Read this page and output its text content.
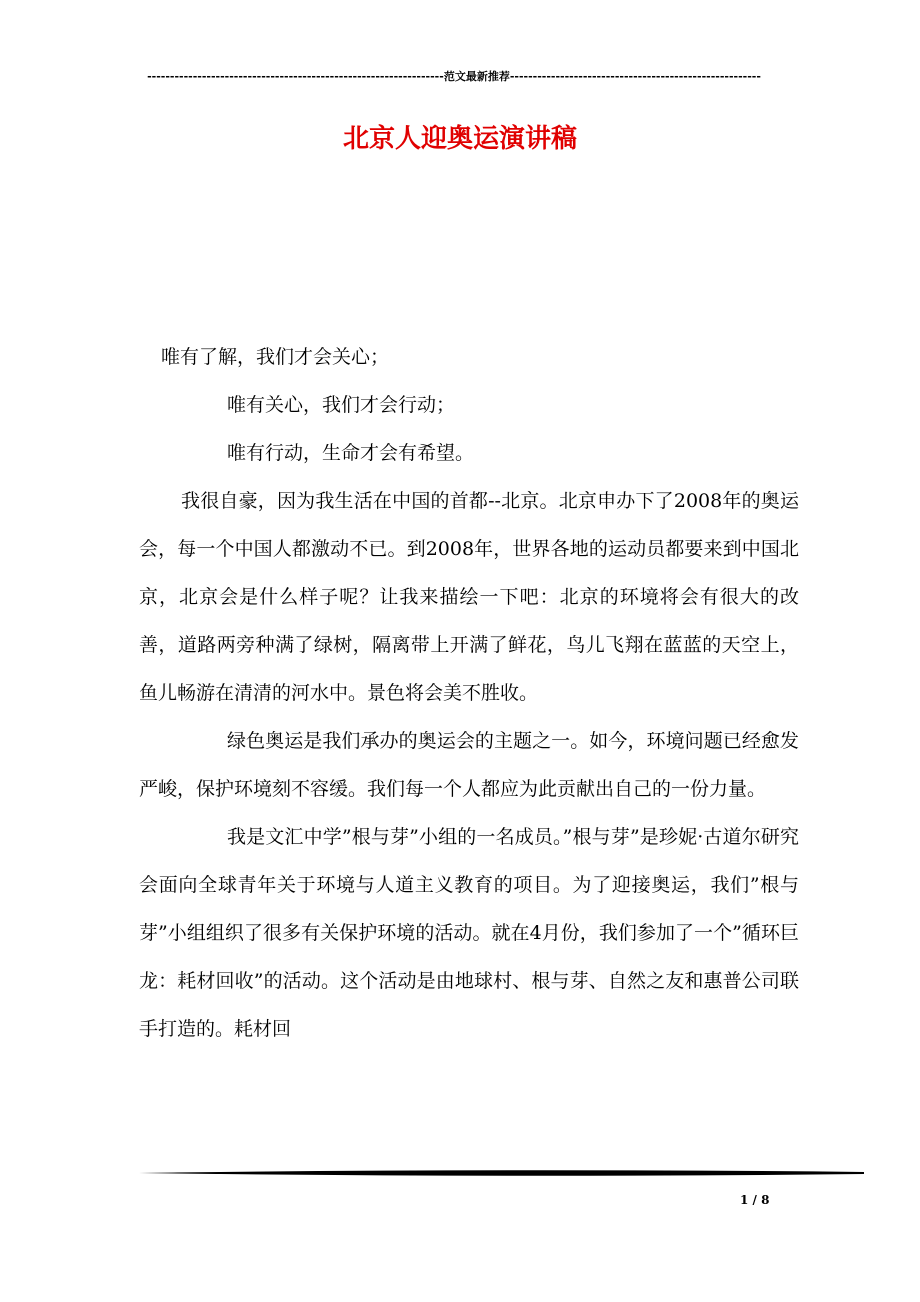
-----------------------------------------------------------------范文最新推荐-------------------------------------------------------
北京人迎奥运演讲稿

唯有了解，我们才会关心；

唯有关心，我们才会行动；

唯有行动，生命才会有希望。

我很自豪，因为我生活在中国的首都--北京。北京申办下了2008年的奥运会，每一个中国人都激动不已。到2008年，世界各地的运动员都要来到中国北京，北京会是什么样子呢？让我来描绘一下吧：北京的环境将会有很大的改善，道路两旁种满了绿树，隔离带上开满了鲜花，鸟儿飞翔在蓝蓝的天空上，鱼儿畅游在清清的河水中。景色将会美不胜收。

绿色奥运是我们承办的奥运会的主题之一。如今，环境问题已经愈发严峻，保护环境刻不容缓。我们每一个人都应为此贡献出自己的一份力量。

我是文汇中学”根与芽”小组的一名成员。”根与芽”是珍妮·古道尔研究会面向全球青年关于环境与人道主义教育的项目。为了迎接奥运，我们”根与芽”小组组织了很多有关保护环境的活动。就在4月份，我们参加了一个”循环巨龙：耗材回收”的活动。这个活动是由地球村、根与芽、自然之友和惠普公司联手打造的。耗材回

1 / 8
